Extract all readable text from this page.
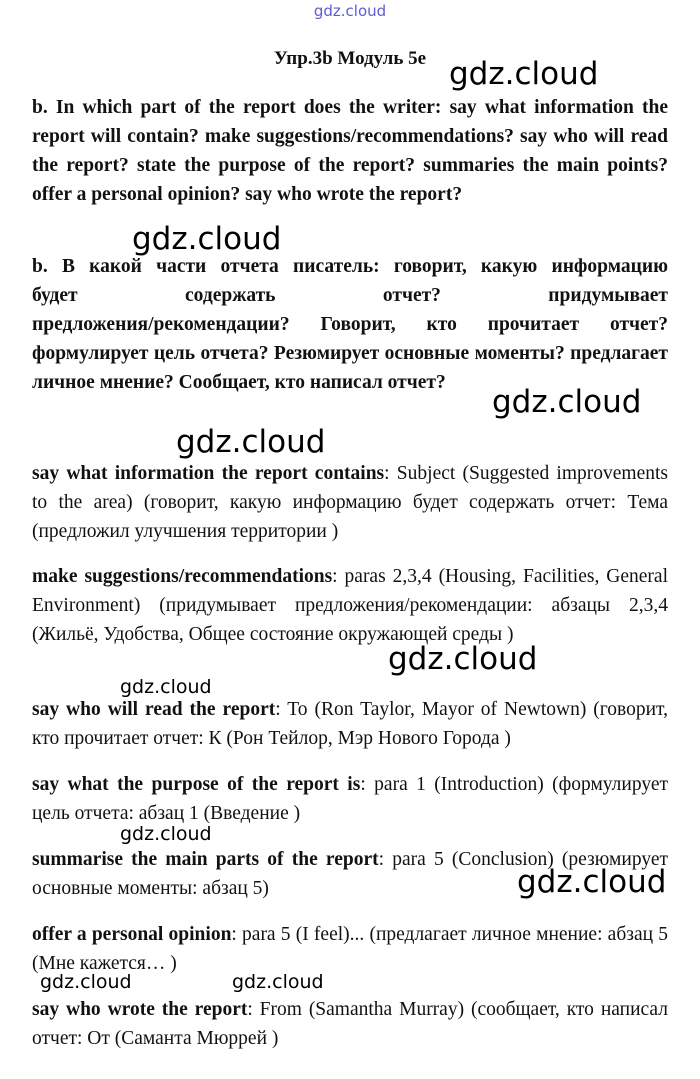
gdz.cloud
Упр.3b Модуль 5е

b. In which part of the report does the writer: say what information the report will contain? make suggestions/recommendations? say who will read the report? state the purpose of the report? summaries the main points? offer a personal opinion? say who wrote the report?

b. В какой части отчета писатель: говорит, какую информацию
будет содержать отчет? придумывает
предложения/рекомендации? Говорит, кто прочитает отчет? формулирует цель отчета? Резюмирует основные моменты? предлагает личное мнение? Сообщает, кто написал отчет?

say what information the report contains: Subject (Suggested improvements to the area) (говорит, какую информацию будет содержать отчет: Тема (предложил улучшения территории )

make suggestions/recommendations: paras 2,3,4 (Housing, Facilities, General Environment) (придумывает предложения/рекомендации: абзацы 2,3,4 (Жильё, Удобства, Общее состояние окружающей среды )

say who will read the report: To (Ron Taylor, Mayor of Newtown) (говорит, кто прочитает отчет: К (Рон Тейлор, Мэр Нового Города )

say what the purpose of the report is: para 1 (Introduction) (формулирует цель отчета: абзац 1 (Введение )

summarise the main parts of the report: para 5 (Conclusion) (резюмирует основные моменты: абзац 5)

offer a personal opinion: para 5 (I feel)... (предлагает личное мнение: абзац 5 (Мне кажется… )

say who wrote the report: From (Samantha Murray) (сообщает, кто написал отчет: От (Саманта Мюррей )

gdz.cloud
gdz.cloud
gdz.cloud
gdz.cloud
gdz.cloud
gdz.cloud
gdz.cloud
gdz.cloud
gdz.cloud	gdz.cloud
